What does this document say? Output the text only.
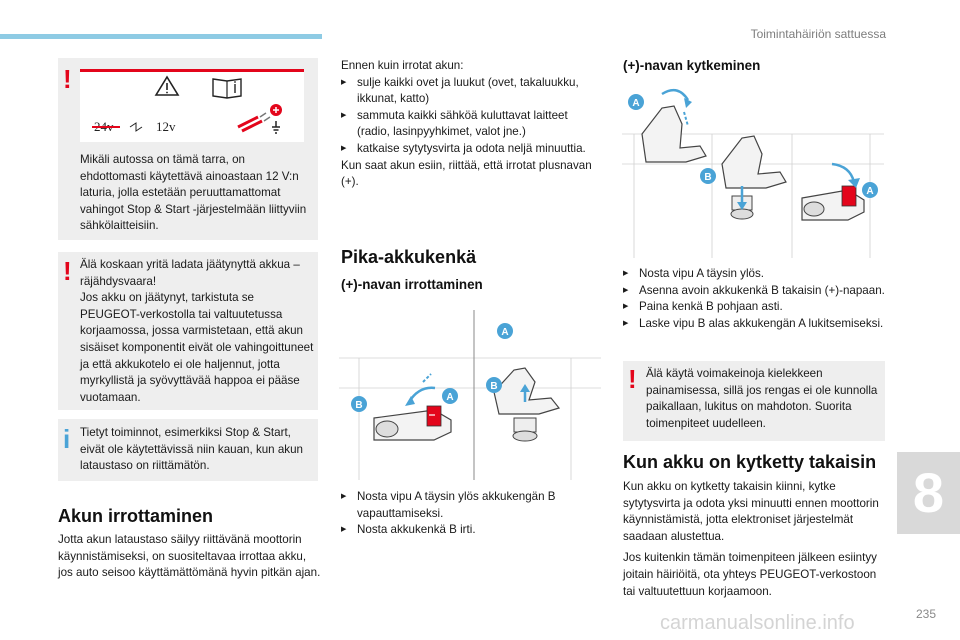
Toimintahäiriön sattuessa
!
24v	12v
Mikäli autossa on tämä tarra, on ehdottomasti käytettävä ainoastaan 12 V:n laturia, jolla estetään peruuttamattomat vahingot Stop & Start -järjestelmään liittyviin sähkölaitteisiin.
! Älä koskaan yritä ladata jäätynyttä akkua – räjähdysvaara!
Jos akku on jäätynyt, tarkistuta se PEUGEOT-verkostolla tai valtuutetussa korjaamossa, jossa varmistetaan, että akun sisäiset komponentit eivät ole vahingoittuneet ja että akkukotelo ei ole haljennut, jotta myrkyllistä ja syövyttävää happoa ei pääse vuotamaan.
i Tietyt toiminnot, esimerkiksi Stop & Start, eivät ole käytettävissä niin kauan, kun akun lataustaso on riittämätön.
Akun irrottaminen
Jotta akun lataustaso säilyy riittävänä moottorin käynnistämiseksi, on suositeltavaa irrottaa akku, jos auto seisoo käyttämättömänä hyvin pitkän ajan.
Ennen kuin irrotat akun:
▶ sulje kaikki ovet ja luukut (ovet, takaluukku, ikkunat, katto)
▶ sammuta kaikki sähköä kuluttavat laitteet (radio, lasinpyyhkimet, valot jne.)
▶ katkaise sytytysvirta ja odota neljä minuuttia.
Kun saat akun esiin, riittää, että irrotat plusnavan (+).
Pika-akkukenkä
(+)-navan irrottaminen
B
A
A
B
▶ Nosta vipu A täysin ylös akkukengän B vapauttamiseksi.
▶ Nosta akkukenkä B irti.
(+)-navan kytkeminen
A
B
A
▶ Nosta vipu A täysin ylös.
▶ Asenna avoin akkukenkä B takaisin (+)-napaan.
▶ Paina kenkä B pohjaan asti.
▶ Laske vipu B alas akkukengän A lukitsemiseksi.
! Älä käytä voimakeinoja kielekkeen painamisessa, sillä jos rengas ei ole kunnolla paikallaan, lukitus on mahdoton. Suorita toimenpiteet uudelleen.
Kun akku on kytketty takaisin
Kun akku on kytketty takaisin kiinni, kytke sytytysvirta ja odota yksi minuutti ennen moottorin käynnistämistä, jotta elektroniset järjestelmät saadaan alustettua.
Jos kuitenkin tämän toimenpiteen jälkeen esiintyy joitain häiriöitä, ota yhteys PEUGEOT-verkostoon tai valtuutettuun korjaamoon.
8
235
carmanualsonline.info
